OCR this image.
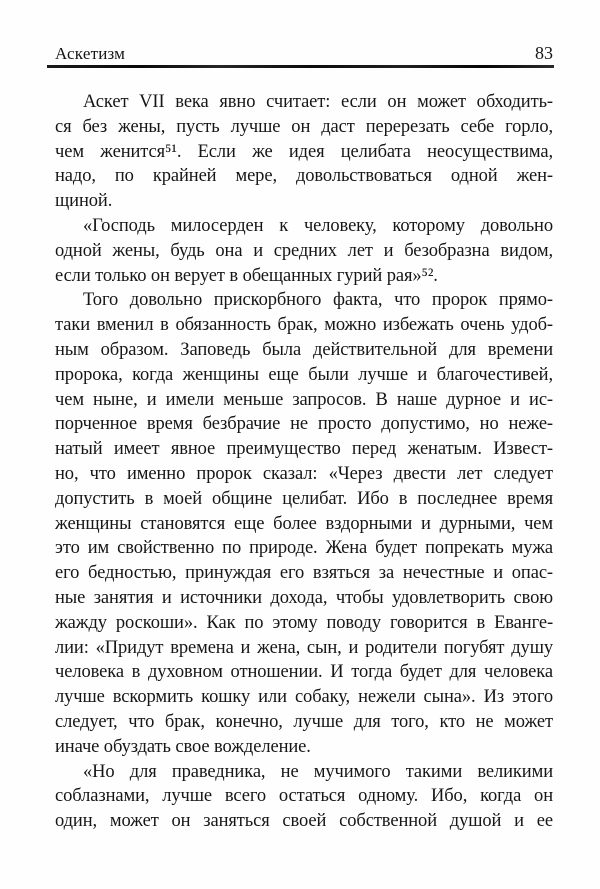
Аскетизм	83
Аскет VII века явно считает: если он может обходить-
ся без жены, пусть лучше он даст перерезать себе горло,
чем женится⁵¹. Если же идея целибата неосуществима,
надо, по крайней мере, довольствоваться одной жен-
щиной.
«Господь милосерден к человеку, которому довольно
одной жены, будь она и средних лет и безобразна видом,
если только он верует в обещанных гурий рая»⁵².
Того довольно прискорбного факта, что пророк прямо-
таки вменил в обязанность брак, можно избежать очень удоб-
ным образом. Заповедь была действительной для времени
пророка, когда женщины еще были лучше и благочестивей,
чем ныне, и имели меньше запросов. В наше дурное и ис-
порченное время безбрачие не просто допустимо, но неже-
натый имеет явное преимущество перед женатым. Извест-
но, что именно пророк сказал: «Через двести лет следует
допустить в моей общине целибат. Ибо в последнее время
женщины становятся еще более вздорными и дурными, чем
это им свойственно по природе. Жена будет попрекать мужа
его бедностью, принуждая его взяться за нечестные и опас-
ные занятия и источники дохода, чтобы удовлетворить свою
жажду роскоши». Как по этому поводу говорится в Еванге-
лии: «Придут времена и жена, сын, и родители погубят душу
человека в духовном отношении. И тогда будет для человека
лучше вскормить кошку или собаку, нежели сына». Из этого
следует, что брак, конечно, лучше для того, кто не может
иначе обуздать свое вожделение.
«Но для праведника, не мучимого такими великими
соблазнами, лучше всего остаться одному. Ибо, когда он
один, может он заняться своей собственной душой и ее
